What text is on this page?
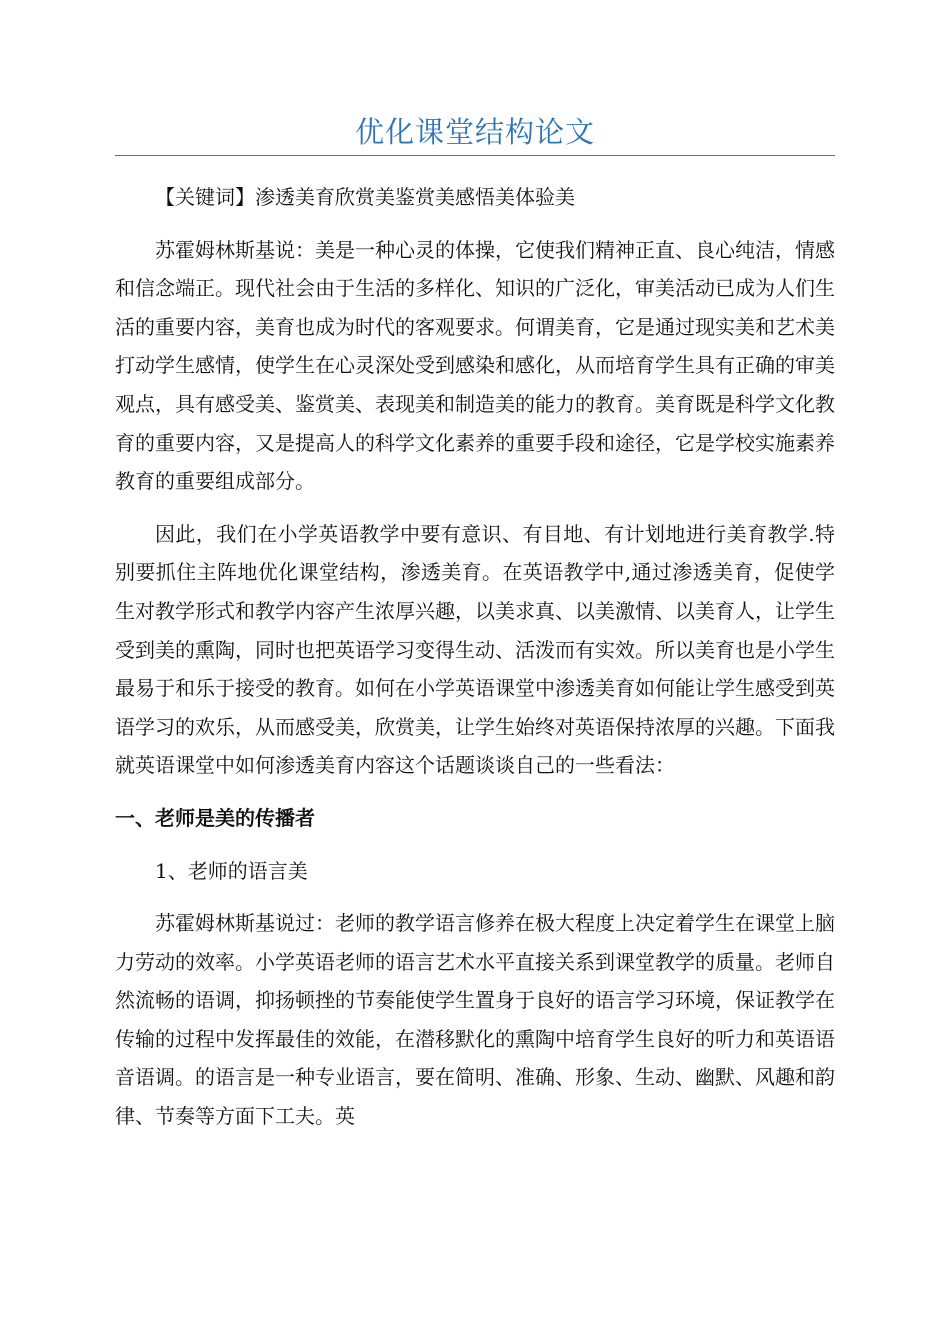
优化课堂结构论文

【关键词】渗透美育欣赏美鉴赏美感悟美体验美

苏霍姆林斯基说：美是一种心灵的体操，它使我们精神正直、良心纯洁，情感和信念端正。现代社会由于生活的多样化、知识的广泛化，审美活动已成为人们生活的重要内容，美育也成为时代的客观要求。何谓美育，它是通过现实美和艺术美打动学生感情，使学生在心灵深处受到感染和感化，从而培育学生具有正确的审美观点，具有感受美、鉴赏美、表现美和制造美的能力的教育。美育既是科学文化教育的重要内容，又是提高人的科学文化素养的重要手段和途径，它是学校实施素养教育的重要组成部分。

因此，我们在小学英语教学中要有意识、有目地、有计划地进行美育教学.特别要抓住主阵地优化课堂结构，渗透美育。在英语教学中,通过渗透美育，促使学生对教学形式和教学内容产生浓厚兴趣，以美求真、以美激情、以美育人，让学生受到美的熏陶，同时也把英语学习变得生动、活泼而有实效。所以美育也是小学生最易于和乐于接受的教育。如何在小学英语课堂中渗透美育如何能让学生感受到英语学习的欢乐，从而感受美，欣赏美，让学生始终对英语保持浓厚的兴趣。下面我就英语课堂中如何渗透美育内容这个话题谈谈自己的一些看法：

一、老师是美的传播者

1、老师的语言美

苏霍姆林斯基说过：老师的教学语言修养在极大程度上决定着学生在课堂上脑力劳动的效率。小学英语老师的语言艺术水平直接关系到课堂教学的质量。老师自然流畅的语调，抑扬顿挫的节奏能使学生置身于良好的语言学习环境，保证教学在传输的过程中发挥最佳的效能，在潜移默化的熏陶中培育学生良好的听力和英语语音语调。的语言是一种专业语言，要在简明、准确、形象、生动、幽默、风趣和韵律、节奏等方面下工夫。英
